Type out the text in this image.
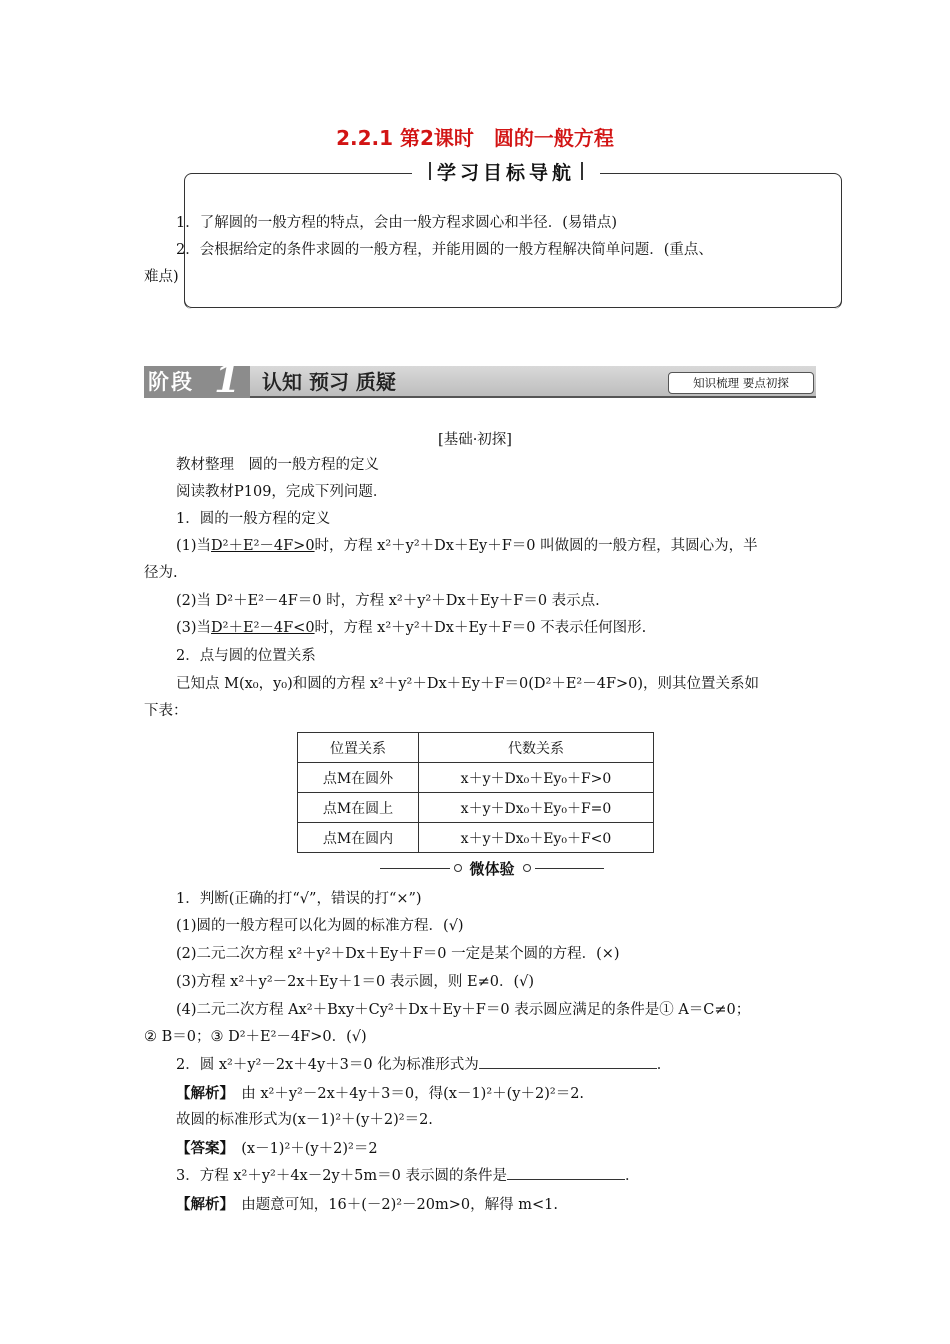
2.2.1 第2课时　圆的一般方程
学习目标导航
1．了解圆的一般方程的特点，会由一般方程求圆心和半径．(易错点)
2．会根据给定的条件求圆的一般方程，并能用圆的一般方程解决简单问题．(重点、
难点)
阶段 1 认知 预习 质疑	知识梳理 要点初探
[基础·初探]
教材整理　圆的一般方程的定义
阅读教材P109，完成下列问题．
1．圆的一般方程的定义
(1)当D²＋E²－4F>0时，方程 x²＋y²＋Dx＋Ey＋F＝0 叫做圆的一般方程，其圆心为，半
径为.
(2)当 D²＋E²－4F＝0 时，方程 x²＋y²＋Dx＋Ey＋F＝0 表示点.
(3)当D²＋E²－4F<0时，方程 x²＋y²＋Dx＋Ey＋F＝0 不表示任何图形.
2．点与圆的位置关系
已知点 M(x₀，y₀)和圆的方程 x²＋y²＋Dx＋Ey＋F＝0(D²＋E²－4F>0)，则其位置关系如
下表：
位置关系	代数关系
点M在圆外	x＋y＋Dx₀＋Ey₀＋F>0
点M在圆上	x＋y＋Dx₀＋Ey₀＋F=0
点M在圆内	x＋y＋Dx₀＋Ey₀＋F<0
微体验
1．判断(正确的打“√”，错误的打“×”)
(1)圆的一般方程可以化为圆的标准方程．(√)
(2)二元二次方程 x²＋y²＋Dx＋Ey＋F＝0 一定是某个圆的方程．(×)
(3)方程 x²＋y²－2x＋Ey＋1＝0 表示圆，则 E≠0．(√)
(4)二元二次方程 Ax²＋Bxy＋Cy²＋Dx＋Ey＋F＝0 表示圆应满足的条件是① A＝C≠0；
② B＝0；③ D²＋E²－4F>0．(√)
2．圆 x²＋y²－2x＋4y＋3＝0 化为标准形式为	．
【解析】　由 x²＋y²－2x＋4y＋3＝0，得(x－1)²＋(y＋2)²＝2.
故圆的标准形式为(x－1)²＋(y＋2)²＝2.
【答案】　(x－1)²＋(y＋2)²＝2
3．方程 x²＋y²＋4x－2y＋5m＝0 表示圆的条件是	．
【解析】　由题意可知，16＋(－2)²－20m>0，解得 m<1.
